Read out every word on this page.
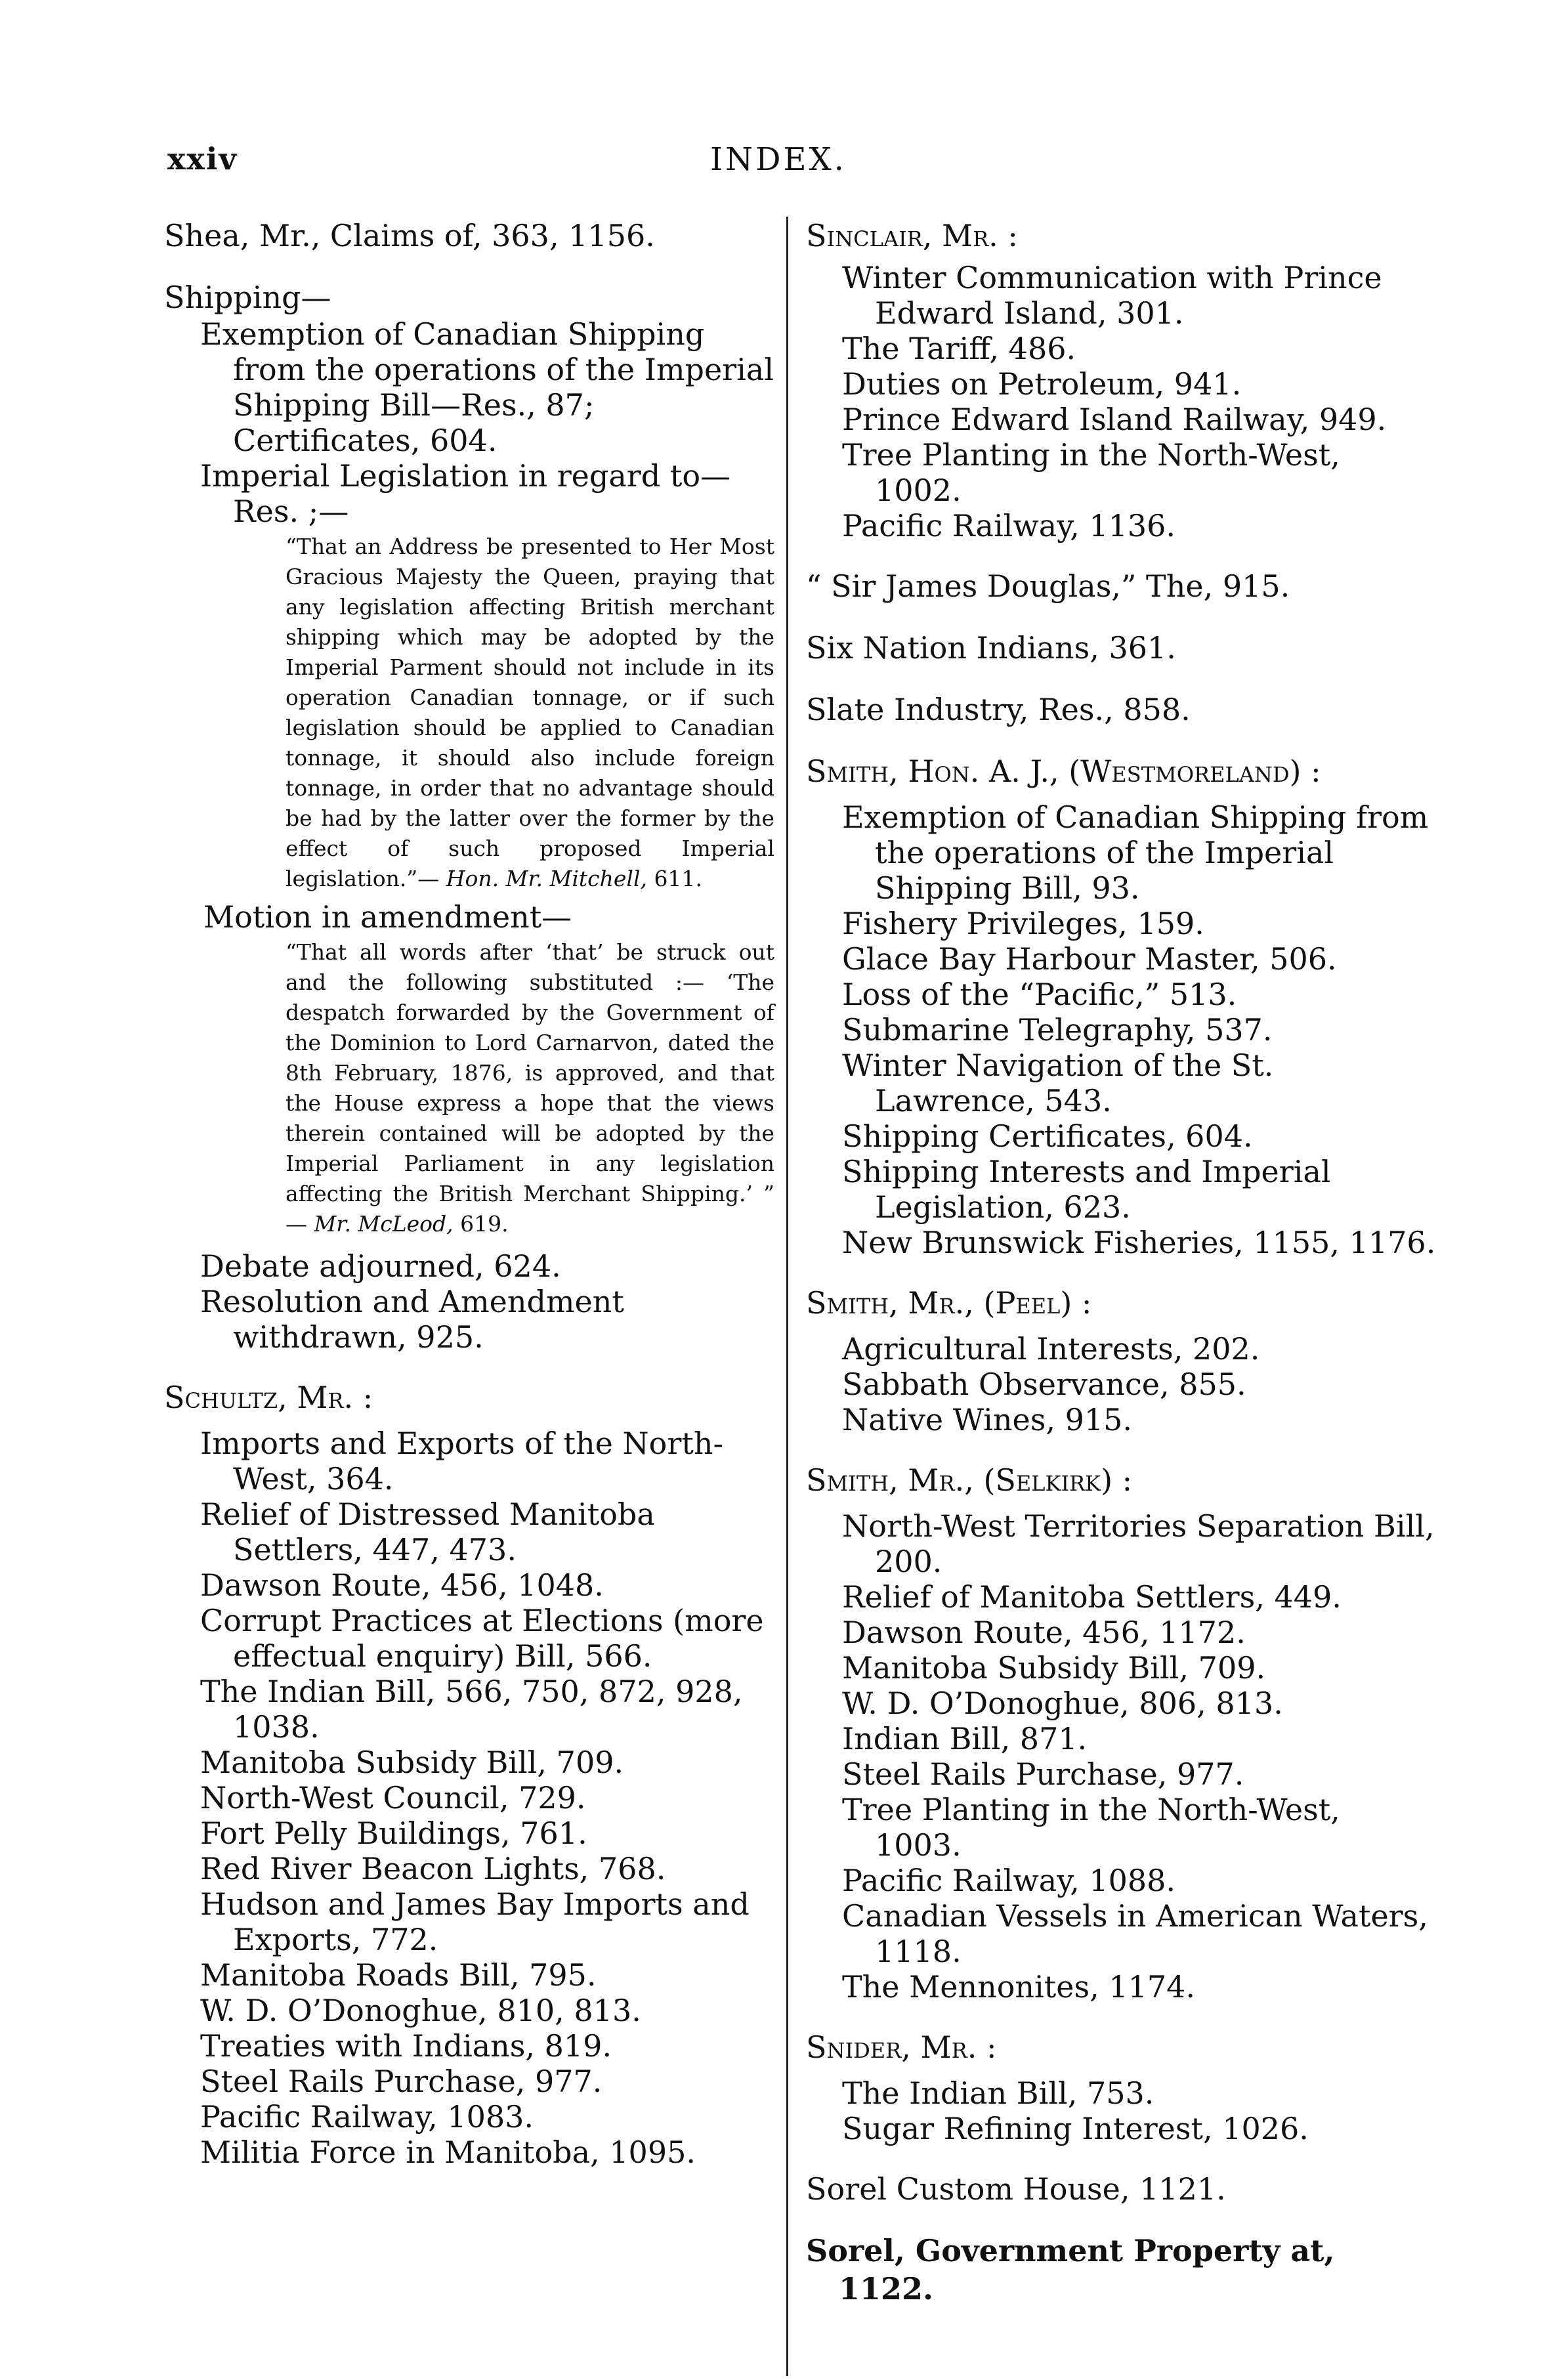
xxiv	INDEX.

Shea, Mr., Claims of, 363, 1156.

Shipping—

Exemption of Canadian Shipping from the operations of the Imperial Shipping Bill—Res., 87; Certificates, 604.
Imperial Legislation in regard to—Res. ;—
“That an Address be presented to Her Most Gracious Majesty the Queen, praying that any legislation affecting British merchant shipping which may be adopted by the Imperial Parment should not include in its operation Canadian tonnage, or if such legislation should be applied to Canadian tonnage, it should also include foreign tonnage, in order that no advantage should be had by the latter over the former by the effect of such proposed Imperial legislation.”— Hon. Mr. Mitchell, 611.
Motion in amendment—
“That all words after ‘that’ be struck out and the following substituted :— ‘The despatch forwarded by the Government of the Dominion to Lord Carnarvon, dated the 8th February, 1876, is approved, and that the House express a hope that the views therein contained will be adopted by the Imperial Parliament in any legislation affecting the British Merchant Shipping.’ ” — Mr. McLeod, 619.
Debate adjourned, 624.
Resolution and Amendment withdrawn, 925.

Schultz, Mr. :

Imports and Exports of the North-West, 364.
Relief of Distressed Manitoba Settlers, 447, 473.
Dawson Route, 456, 1048.
Corrupt Practices at Elections (more effectual enquiry) Bill, 566.
The Indian Bill, 566, 750, 872, 928, 1038.
Manitoba Subsidy Bill, 709.
North-West Council, 729.
Fort Pelly Buildings, 761.
Red River Beacon Lights, 768.
Hudson and James Bay Imports and Exports, 772.
Manitoba Roads Bill, 795.
W. D. O’Donoghue, 810, 813.
Treaties with Indians, 819.
Steel Rails Purchase, 977.
Pacific Railway, 1083.
Militia Force in Manitoba, 1095.

Sinclair, Mr. :

Winter Communication with Prince Edward Island, 301.
The Tariff, 486.
Duties on Petroleum, 941.
Prince Edward Island Railway, 949.
Tree Planting in the North-West, 1002.
Pacific Railway, 1136.

“ Sir James Douglas,” The, 915.

Six Nation Indians, 361.

Slate Industry, Res., 858.

Smith, Hon. A. J., (Westmoreland) :

Exemption of Canadian Shipping from the operations of the Imperial Shipping Bill, 93.
Fishery Privileges, 159.
Glace Bay Harbour Master, 506.
Loss of the “Pacific,” 513.
Submarine Telegraphy, 537.
Winter Navigation of the St. Lawrence, 543.
Shipping Certificates, 604.
Shipping Interests and Imperial Legislation, 623.
New Brunswick Fisheries, 1155, 1176.

Smith, Mr., (Peel) :

Agricultural Interests, 202.
Sabbath Observance, 855.
Native Wines, 915.

Smith, Mr., (Selkirk) :

North-West Territories Separation Bill, 200.
Relief of Manitoba Settlers, 449.
Dawson Route, 456, 1172.
Manitoba Subsidy Bill, 709.
W. D. O’Donoghue, 806, 813.
Indian Bill, 871.
Steel Rails Purchase, 977.
Tree Planting in the North-West, 1003.
Pacific Railway, 1088.
Canadian Vessels in American Waters, 1118.
The Mennonites, 1174.

Snider, Mr. :

The Indian Bill, 753.
Sugar Refining Interest, 1026.

Sorel Custom House, 1121.

Sorel, Government Property at, 1122.
